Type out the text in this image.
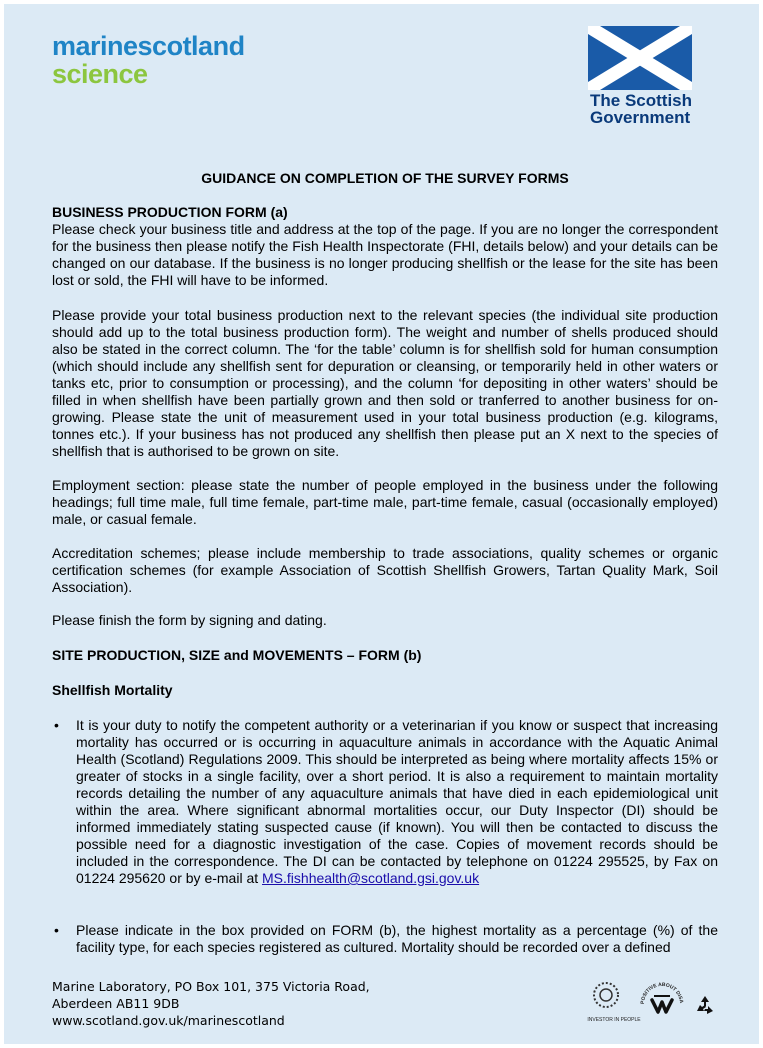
marinescotland
science
The Scottish
Government
GUIDANCE ON COMPLETION OF THE SURVEY FORMS
BUSINESS PRODUCTION FORM (a)
Please check your business title and address at the top of the page. If you are no longer the correspondent for the business then please notify the Fish Health Inspectorate (FHI, details below) and your details can be changed on our database. If the business is no longer producing shellfish or the lease for the site has been lost or sold, the FHI will have to be informed.
Please provide your total business production next to the relevant species (the individual site production should add up to the total business production form). The weight and number of shells produced should also be stated in the correct column. The ‘for the table’ column is for shellfish sold for human consumption (which should include any shellfish sent for depuration or cleansing, or temporarily held in other waters or tanks etc, prior to consumption or processing), and the column ‘for depositing in other waters’ should be filled in when shellfish have been partially grown and then sold or tranferred to another business for on-growing. Please state the unit of measurement used in your total business production (e.g. kilograms, tonnes etc.). If your business has not produced any shellfish then please put an X next to the species of shellfish that is authorised to be grown on site.
Employment section: please state the number of people employed in the business under the following headings; full time male, full time female, part-time male, part-time female, casual (occasionally employed) male, or casual female.
Accreditation schemes; please include membership to trade associations, quality schemes or organic certification schemes (for example Association of Scottish Shellfish Growers, Tartan Quality Mark, Soil Association).
Please finish the form by signing and dating.
SITE PRODUCTION, SIZE and MOVEMENTS – FORM (b)
Shellfish Mortality
• It is your duty to notify the competent authority or a veterinarian if you know or suspect that increasing mortality has occurred or is occurring in aquaculture animals in accordance with the Aquatic Animal Health (Scotland) Regulations 2009. This should be interpreted as being where mortality affects 15% or greater of stocks in a single facility, over a short period. It is also a requirement to maintain mortality records detailing the number of any aquaculture animals that have died in each epidemiological unit within the area. Where significant abnormal mortalities occur, our Duty Inspector (DI) should be informed immediately stating suspected cause (if known). You will then be contacted to discuss the possible need for a diagnostic investigation of the case. Copies of movement records should be included in the correspondence. The DI can be contacted by telephone on 01224 295525, by Fax on 01224 295620 or by e-mail at MS.fishhealth@scotland.gsi.gov.uk
• Please indicate in the box provided on FORM (b), the highest mortality as a percentage (%) of the facility type, for each species registered as cultured. Mortality should be recorded over a defined
Marine Laboratory, PO Box 101, 375 Victoria Road,
Aberdeen AB11 9DB
www.scotland.gov.uk/marinescotland	INVESTOR IN PEOPLE
POSITIVE ABOUT DISA
